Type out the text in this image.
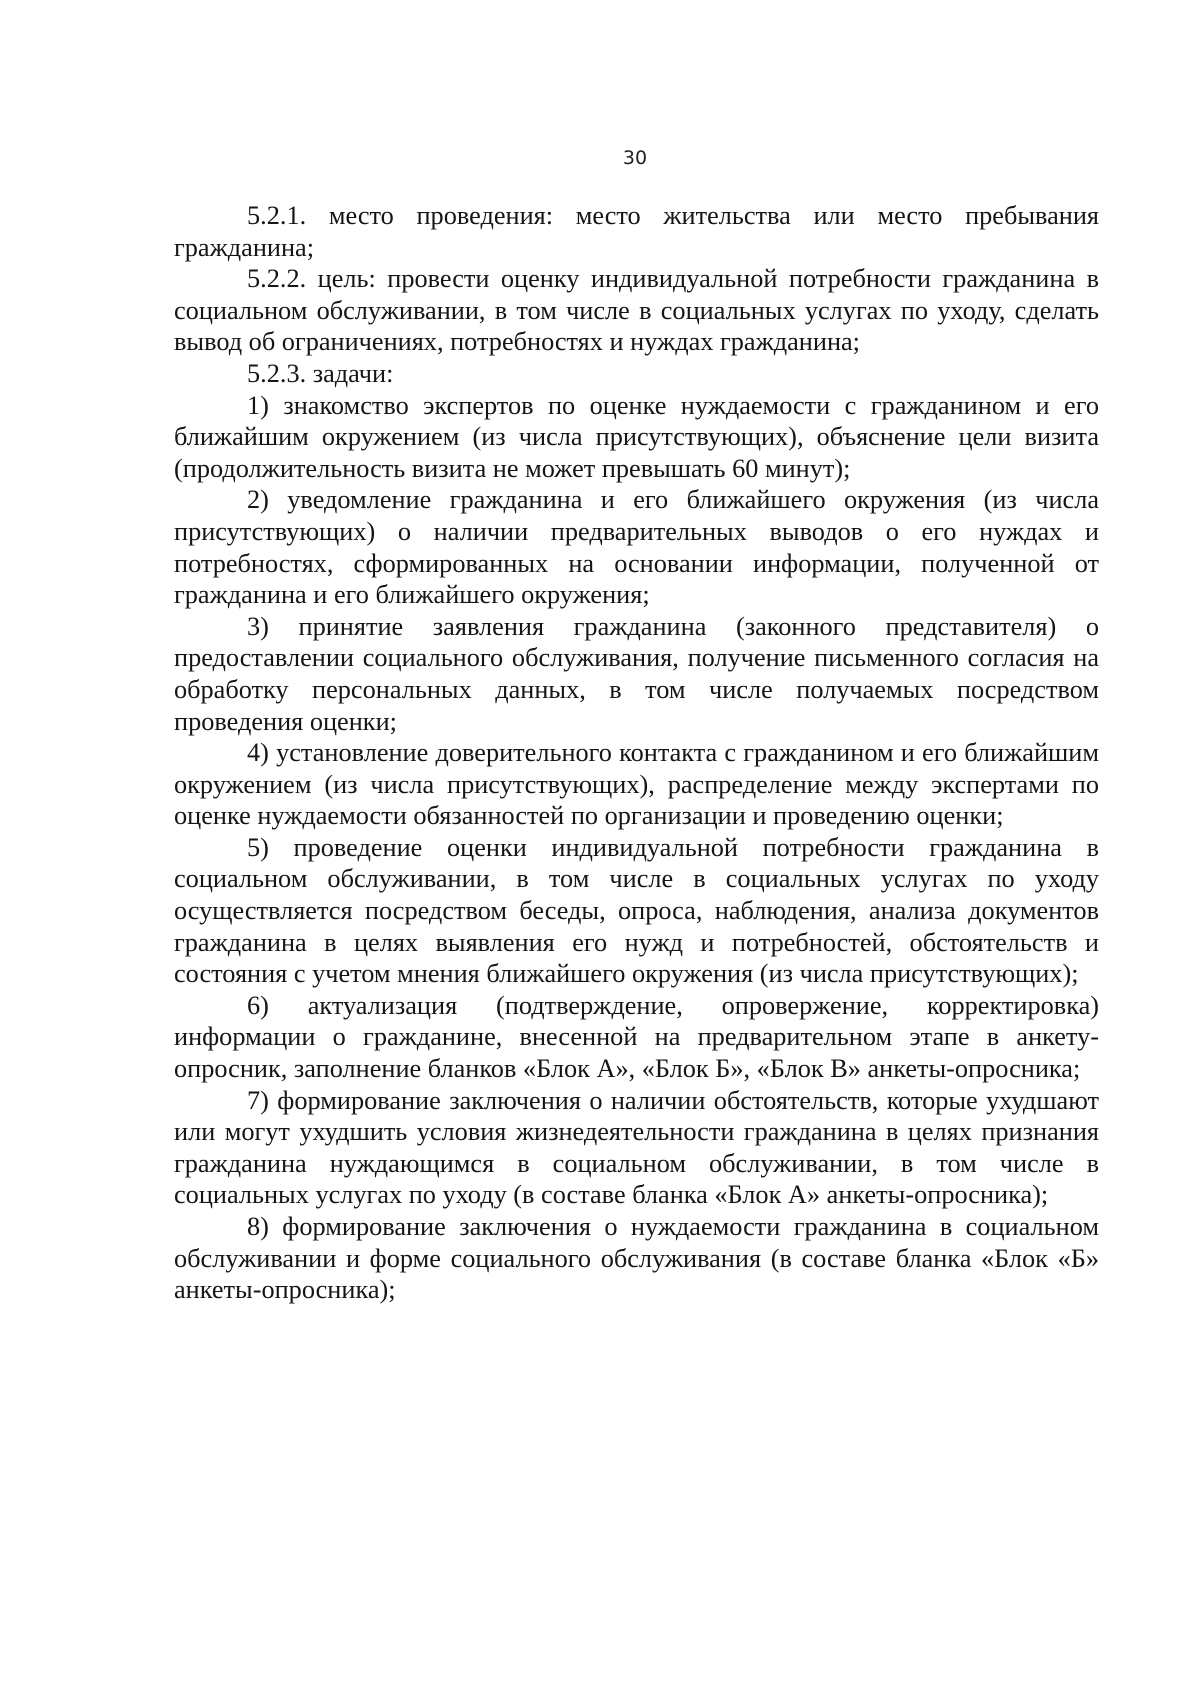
30

5.2.1. место проведения: место жительства или место пребывания гражданина;

5.2.2. цель: провести оценку индивидуальной потребности гражданина в социальном обслуживании, в том числе в социальных услугах по уходу, сделать вывод об ограничениях, потребностях и нуждах гражданина;

5.2.3. задачи:

1) знакомство экспертов по оценке нуждаемости с гражданином и его ближайшим окружением (из числа присутствующих), объяснение цели визита (продолжительность визита не может превышать 60 минут);

2) уведомление гражданина и его ближайшего окружения (из числа присутствующих) о наличии предварительных выводов о его нуждах и потребностях, сформированных на основании информации, полученной от гражданина и его ближайшего окружения;

3) принятие заявления гражданина (законного представителя) о предоставлении социального обслуживания, получение письменного согласия на обработку персональных данных, в том числе получаемых посредством проведения оценки;

4) установление доверительного контакта с гражданином и его ближайшим окружением (из числа присутствующих), распределение между экспертами по оценке нуждаемости обязанностей по организации и проведению оценки;

5) проведение оценки индивидуальной потребности гражданина в социальном обслуживании, в том числе в социальных услугах по уходу осуществляется посредством беседы, опроса, наблюдения, анализа документов гражданина в целях выявления его нужд и потребностей, обстоятельств и состояния с учетом мнения ближайшего окружения (из числа присутствующих);

6) актуализация (подтверждение, опровержение, корректировка) информации о гражданине, внесенной на предварительном этапе в анкету-опросник, заполнение бланков «Блок А», «Блок Б», «Блок В» анкеты-опросника;

7) формирование заключения о наличии обстоятельств, которые ухудшают или могут ухудшить условия жизнедеятельности гражданина в целях признания гражданина нуждающимся в социальном обслуживании, в том числе в социальных услугах по уходу (в составе бланка «Блок А» анкеты-опросника);

8) формирование заключения о нуждаемости гражданина в социальном обслуживании и форме социального обслуживания (в составе бланка «Блок «Б» анкеты-опросника);
